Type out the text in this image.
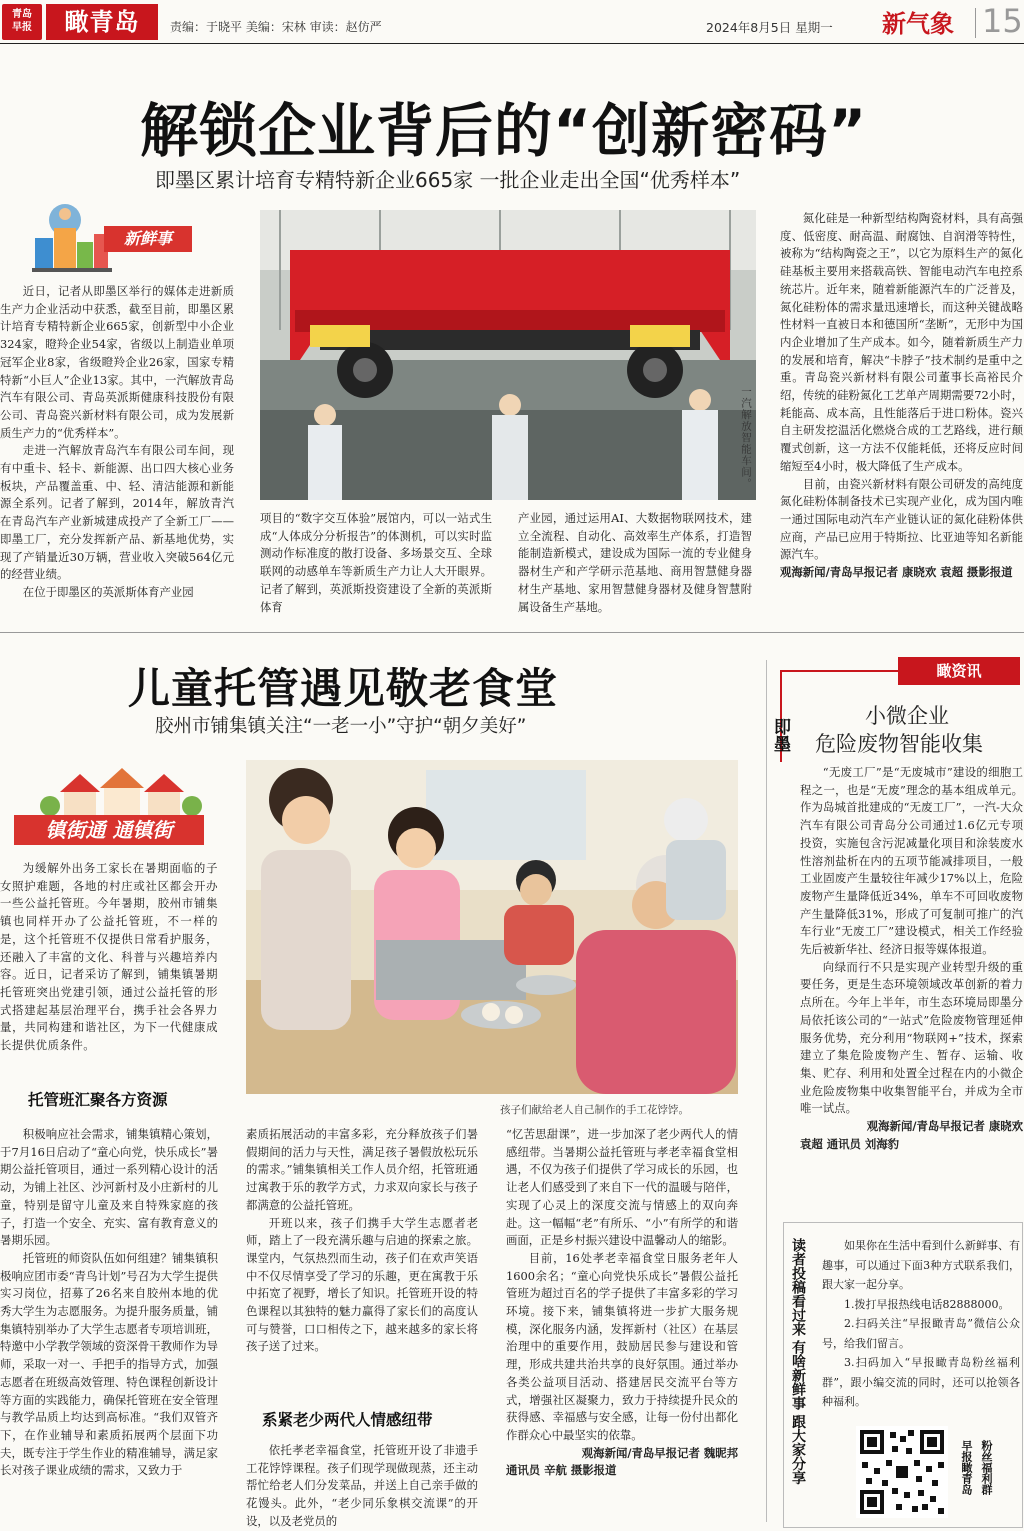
青岛
早报	瞰青岛	责编：于晓平 美编：宋林 审读：赵仿严	2024年8月5日 星期一 新气象 15
解锁企业背后的“创新密码”
即墨区累计培育专精特新企业665家 一批企业走出全国“优秀样本”
新鲜事

近日，记者从即墨区举行的媒体走进新质生产力企业活动中获悉，截至目前，即墨区累计培育专精特新企业665家，创新型中小企业324家，瞪羚企业54家，省级以上制造业单项冠军企业8家，省级瞪羚企业26家，国家专精特新“小巨人”企业13家。其中，一汽解放青岛汽车有限公司、青岛英派斯健康科技股份有限公司、青岛瓷兴新材料有限公司，成为发展新质生产力的“优秀样本”。

走进一汽解放青岛汽车有限公司车间，现有中重卡、轻卡、新能源、出口四大核心业务板块，产品覆盖重、中、轻、清洁能源和新能源全系列。记者了解到，2014年，解放青汽在青岛汽车产业新城建成投产了全新工厂——即墨工厂，充分发挥新产品、新基地优势，实现了产销量近30万辆，营业收入突破564亿元的经营业绩。

在位于即墨区的英派斯体育产业园

一汽解放智能车间。

项目的“数字交互体验”展馆内，可以一站式生成“人体成分分析报告”的体测机，可以实时监测动作标准度的散打设备、多场景交互、全球联网的动感单车等新质生产力让人大开眼界。记者了解到，英派斯投资建设了全新的英派斯体育

产业园，通过运用AI、大数据物联网技术，建立全流程、自动化、高效率生产体系，打造智能制造新模式，建设成为国际一流的专业健身器材生产和产学研示范基地、商用智慧健身器材生产基地、家用智慧健身器材及健身智慧附属设备生产基地。

氮化硅是一种新型结构陶瓷材料，具有高强度、低密度、耐高温、耐腐蚀、自润滑等特性，被称为“结构陶瓷之王”，以它为原料生产的氮化硅基板主要用来搭载高铁、智能电动汽车电控系统芯片。近年来，随着新能源汽车的广泛普及，氮化硅粉体的需求量迅速增长，而这种关键战略性材料一直被日本和德国所“垄断”，无形中为国内企业增加了生产成本。如今，随着新质生产力的发展和培育，解决“卡脖子”技术制约是重中之重。青岛瓷兴新材料有限公司董事长高裕民介绍，传统的硅粉氮化工艺单产周期需要72小时，耗能高、成本高，且性能落后于进口粉体。瓷兴自主研发挖温活化燃烧合成的工艺路线，进行颠覆式创新，这一方法不仅能耗低，还将反应时间缩短至4小时，极大降低了生产成本。

目前，由瓷兴新材料有限公司研发的高纯度氮化硅粉体制备技术已实现产业化，成为国内唯一通过国际电动汽车产业链认证的氮化硅粉体供应商，产品已应用于特斯拉、比亚迪等知名新能源汽车。

观海新闻/青岛早报记者 康晓欢 袁超 摄影报道
儿童托管遇见敬老食堂
胶州市铺集镇关注“一老一小”守护“朝夕美好”
镇街通 通镇街

为缓解外出务工家长在暑期面临的子女照护难题，各地的村庄或社区都会开办一些公益托管班。今年暑期，胶州市铺集镇也同样开办了公益托管班，不一样的是，这个托管班不仅提供日常看护服务，还融入了丰富的文化、科普与兴趣培养内容。近日，记者采访了解到，铺集镇暑期托管班突出党建引领，通过公益托管的形式搭建起基层治理平台，携手社会各界力量，共同构建和谐社区，为下一代健康成长提供优质条件。

托管班汇聚各方资源

积极响应社会需求，铺集镇精心策划，于7月16日启动了“童心向党，快乐成长”暑期公益托管项目，通过一系列精心设计的活动，为铺上社区、沙河新村及小庄新村的儿童，特别是留守儿童及来自特殊家庭的孩子，打造一个安全、充实、富有教育意义的暑期乐园。

托管班的师资队伍如何组建？铺集镇积极响应团市委“青鸟计划”号召为大学生提供实习岗位，招募了26名来自胶州本地的优秀大学生为志愿服务。为提升服务质量，铺集镇特别举办了大学生志愿者专项培训班，特邀中小学教学领域的资深骨干教师作为导师，采取一对一、手把手的指导方式，加强志愿者在班级高效管理、特色课程创新设计等方面的实践能力，确保托管班在安全管理与教学品质上均达到高标准。“我们双管齐下，在作业辅导和素质拓展两个层面下功夫，既专注于学生作业的精准辅导，满足家长对孩子课业成绩的需求，又致力于

孩子们献给老人自己制作的手工花饽饽。

素质拓展活动的丰富多彩，充分释放孩子们暑假期间的活力与天性，满足孩子暑假放松玩乐的需求。”铺集镇相关工作人员介绍，托管班通过寓教于乐的教学方式，力求双向家长与孩子都满意的公益托管班。

开班以来，孩子们携手大学生志愿者老师，踏上了一段充满乐趣与启迪的探索之旅。课堂内，气氛热烈而生动，孩子们在欢声笑语中不仅尽情享受了学习的乐趣，更在寓教于乐中拓宽了视野，增长了知识。托管班开设的特色课程以其独特的魅力赢得了家长们的高度认可与赞誉，口口相传之下，越来越多的家长将孩子送了过来。

系紧老少两代人情感纽带

依托孝老幸福食堂，托管班开设了非遗手工花饽饽课程。孩子们现学现做现蒸，还主动帮忙给老人们分发菜品，并送上自己亲手做的花馒头。此外，“老少同乐象棋交流课”的开设，以及老党员的

“忆苦思甜课”，进一步加深了老少两代人的情感纽带。当暑期公益托管班与孝老幸福食堂相遇，不仅为孩子们提供了学习成长的乐园，也让老人们感受到了来自下一代的温暖与陪伴，实现了心灵上的深度交流与情感上的双向奔赴。这一幅幅“老”有所乐、“小”有所学的和谐画面，正是乡村振兴建设中温馨动人的缩影。

目前，16处孝老幸福食堂日服务老年人1600余名；“童心向党快乐成长”暑假公益托管班为超过百名的学子提供了丰富多彩的学习环境。接下来，铺集镇将进一步扩大服务规模，深化服务内涵，发挥新村（社区）在基层治理中的重要作用，鼓励居民参与建设和管理，形成共建共治共享的良好氛围。通过举办各类公益项目活动、搭建居民交流平台等方式，增强社区凝聚力，致力于持续提升民众的获得感、幸福感与安全感，让每一份付出都化作群众心中最坚实的依靠。

观海新闻/青岛早报记者 魏昵邦
通讯员 辛航 摄影报道
瞰资讯
即墨
小微企业
危险废物智能收集

“无废工厂”是“无废城市”建设的细胞工程之一，也是“无废”理念的基本组成单元。作为岛城首批建成的“无废工厂”，一汽-大众汽车有限公司青岛分公司通过1.6亿元专项投资，实施包含污泥减量化项目和涂装废水性溶剂盐析在内的五项节能减排项目，一般工业固废产生量较往年减少17%以上，危险废物产生量降低近34%，单车不可回收废物产生量降低31%，形成了可复制可推广的汽车行业“无废工厂”建设模式，相关工作经验先后被新华社、经济日报等媒体报道。

向绿而行不只是实现产业转型升级的重要任务，更是生态环境领域改革创新的着力点所在。今年上半年，市生态环境局即墨分局依托该公司的“一站式”危险废物管理延伸服务优势，充分利用“物联网+”技术，探索建立了集危险废物产生、暂存、运输、收集、贮存、利用和处置全过程在内的小微企业危险废物集中收集智能平台，并成为全市唯一试点。

观海新闻/青岛早报记者 康晓欢
袁超 通讯员 刘海豹
读者投稿看过来
有啥新鲜事 跟大家分享

如果你在生活中看到什么新鲜事、有趣事，可以通过下面3种方式联系我们，跟大家一起分享。

1.拨打早报热线电话82888000。

2.扫码关注“早报瞰青岛”微信公众号，给我们留言。

3.扫码加入“早报瞰青岛粉丝福利群”，跟小编交流的同时，还可以抢领各种福利。

早报瞰青岛 粉丝福利群
